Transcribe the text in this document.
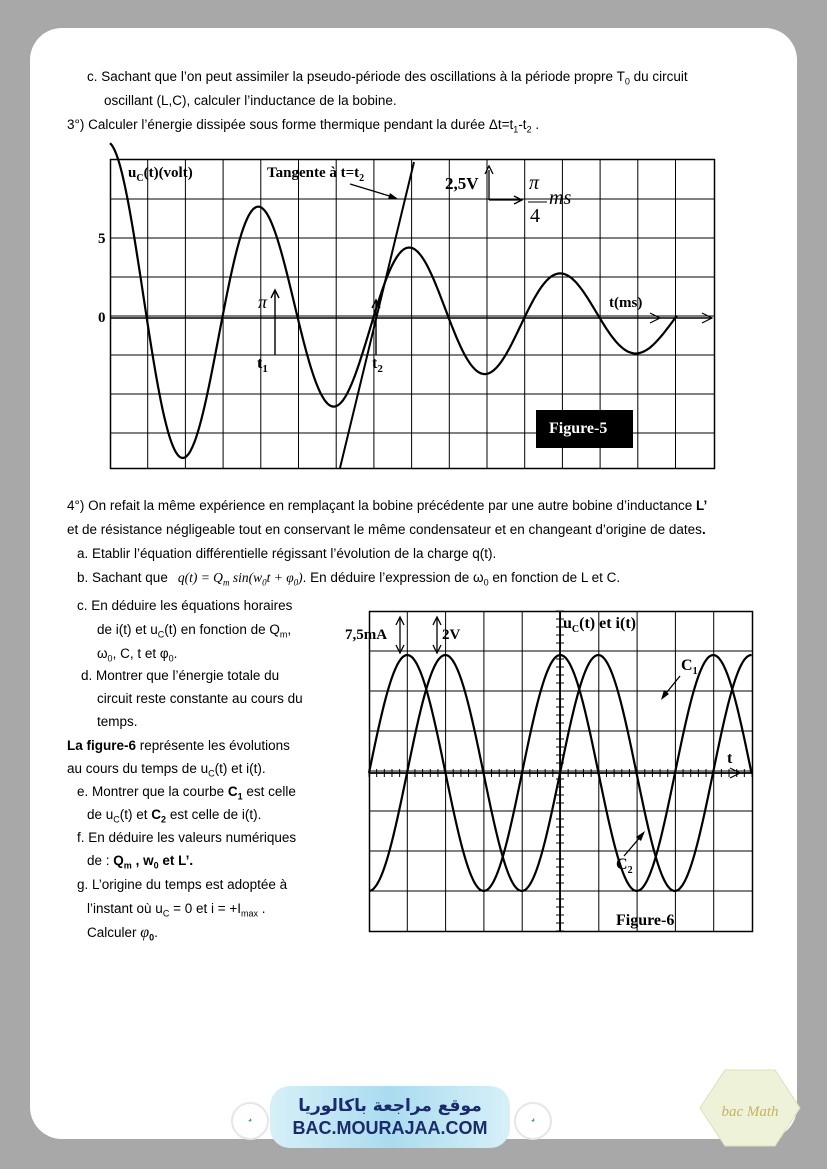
c. Sachant que l’on peut assimiler la pseudo-période des oscillations à la période propre $T_0$ du circuit
oscillant (L,C), calculer l’inductance de la bobine.
3°) Calculer l’énergie dissipée sous forme thermique pendant la durée $\Delta t=t_1-t_2$ .
$u_C(t)(volt)$	Tangente à $t=t_2$	2,5V	π
4
ms
5
0
π	t(ms)
$t_1$	$t_2$
Figure-5
4°) On refait la même expérience en remplaçant la bobine précédente par une autre bobine d’inductance L’
et de résistance négligeable tout en conservant le même condensateur et en changeant d’origine de dates.
a. Etablir l’équation différentielle régissant l’évolution de la charge q(t).
b. Sachant que $q(t) = Q_m$ $\sin(w_0t + \varphi_0)$. En déduire l’expression de $\omega_0$ en fonction de L et C.
c. En déduire les équations horaires
de i(t) et $u_C(t)$ en fonction de $Q_m$,
$\omega_0$, C, t et $\varphi_0$.
d. Montrer que l’énergie totale du
circuit reste constante au cours du
temps.
La figure-6 représente les évolutions
au cours du temps de $u_C(t)$ et i(t).
e. Montrer que la courbe $C_1$ est celle
de $u_C(t)$ et $C_2$ est celle de i(t).
f. En déduire les valeurs numériques
de : $Q_m$ , $w_0$ et L’.
g. L’origine du temps est adoptée à
l’instant où $u_C = 0$ et $i = +I_{max}$ .
Calculer $\varphi_0$.
7,5mA	2V
$u_C(t)$ et i(t)
$C_1$
$C_2$
t
Figure-6
◕
موقع مراجعة باكالوريا
BAC.MOURAJAA.COM	◕
bac Math
